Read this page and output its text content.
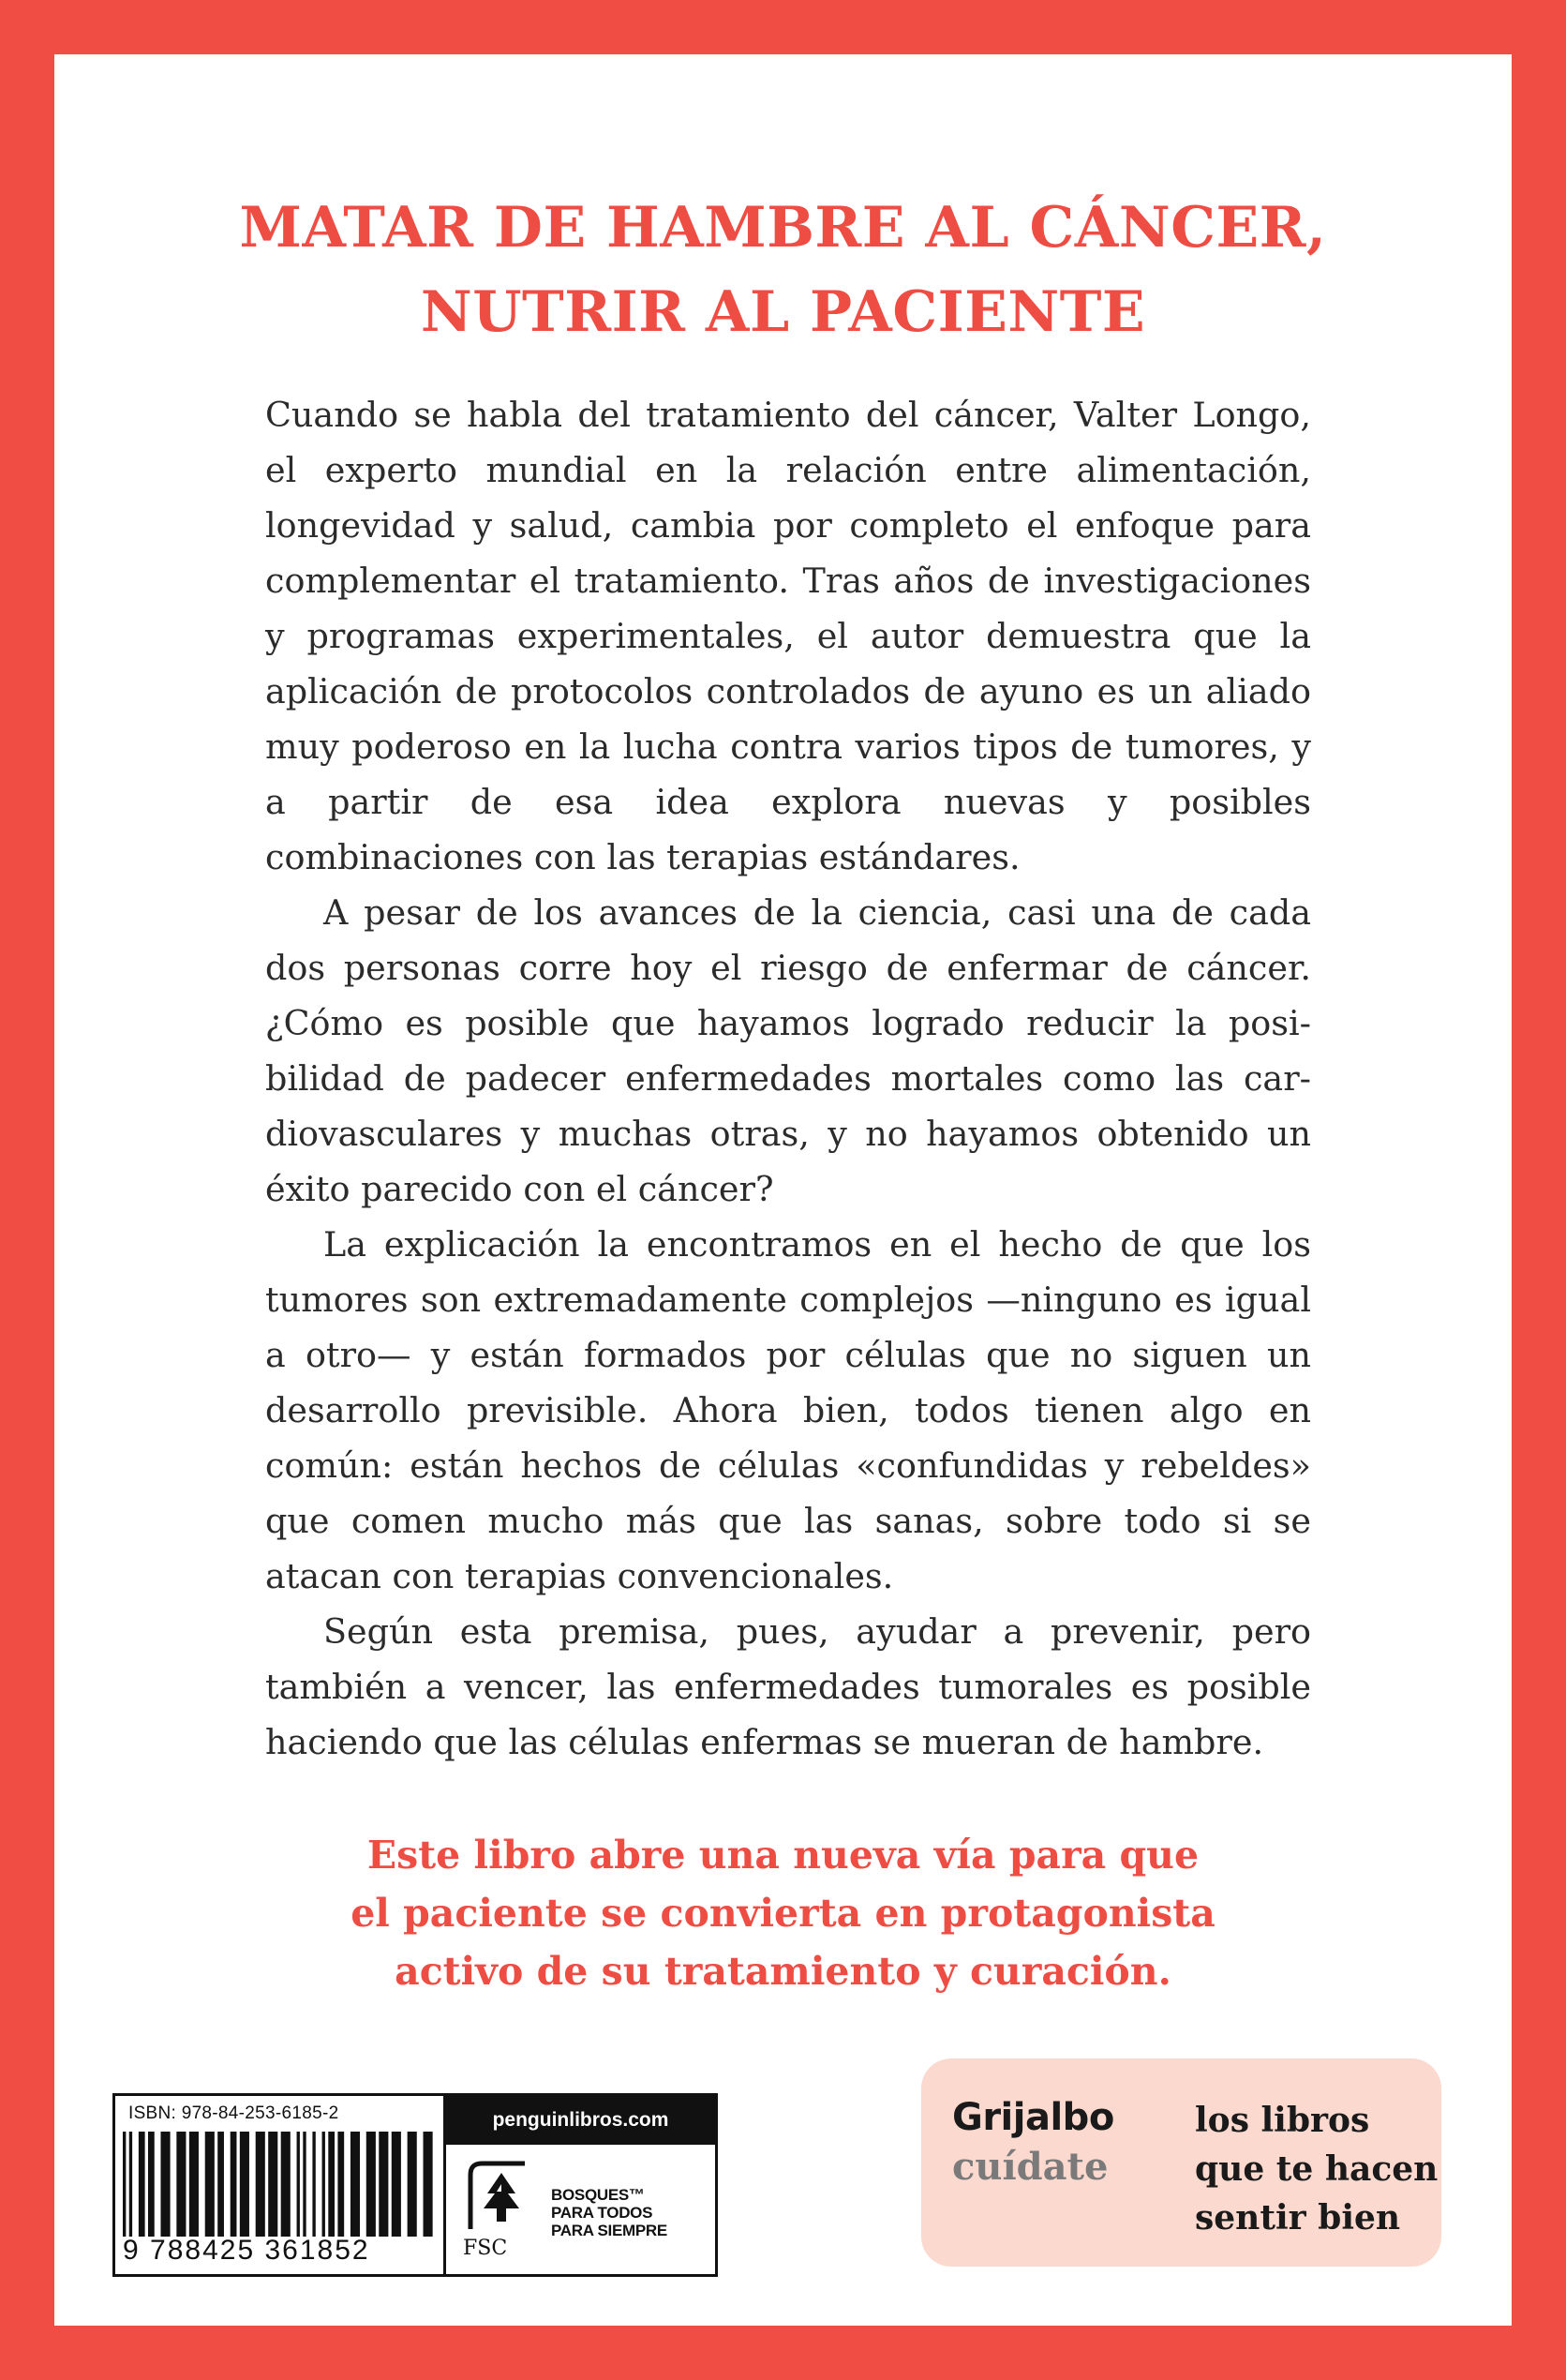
MATAR DE HAMBRE AL CÁNCER,
NUTRIR AL PACIENTE

Cuando se habla del tratamiento del cáncer, Valter Longo, el experto mundial en la relación entre alimentación, longevidad y salud, cambia por completo el enfoque para complementar el tratamiento. Tras años de investigaciones y programas experimentales, el autor demuestra que la aplicación de protocolos controlados de ayuno es un aliado muy poderoso en la lucha contra varios tipos de tumores, y a partir de esa idea explora nuevas y posibles combinaciones con las terapias estándares.

A pesar de los avances de la ciencia, casi una de cada dos personas corre hoy el riesgo de enfermar de cáncer. ¿Cómo es posible que hayamos logrado reducir la posibilidad de padecer enfermedades mortales como las cardiovasculares y muchas otras, y no hayamos obtenido un éxito parecido con el cáncer?

La explicación la encontramos en el hecho de que los tumores son extremadamente complejos —ninguno es igual a otro— y están formados por células que no siguen un desarrollo previsible. Ahora bien, todos tienen algo en común: están hechos de células «confundidas y rebeldes» que comen mucho más que las sanas, sobre todo si se atacan con terapias convencionales.

Según esta premisa, pues, ayudar a prevenir, pero también a vencer, las enfermedades tumorales es posible haciendo que las células enfermas se mueran de hambre.

Este libro abre una nueva vía para que
el paciente se convierta en protagonista
activo de su tratamiento y curación.

ISBN: 978-84-253-6185-2
9 788425 361852
penguinlibros.com
FSC
BOSQUES™
PARA TODOS
PARA SIEMPRE
Grijalbo
cuídate
los libros
que te hacen
sentir bien
